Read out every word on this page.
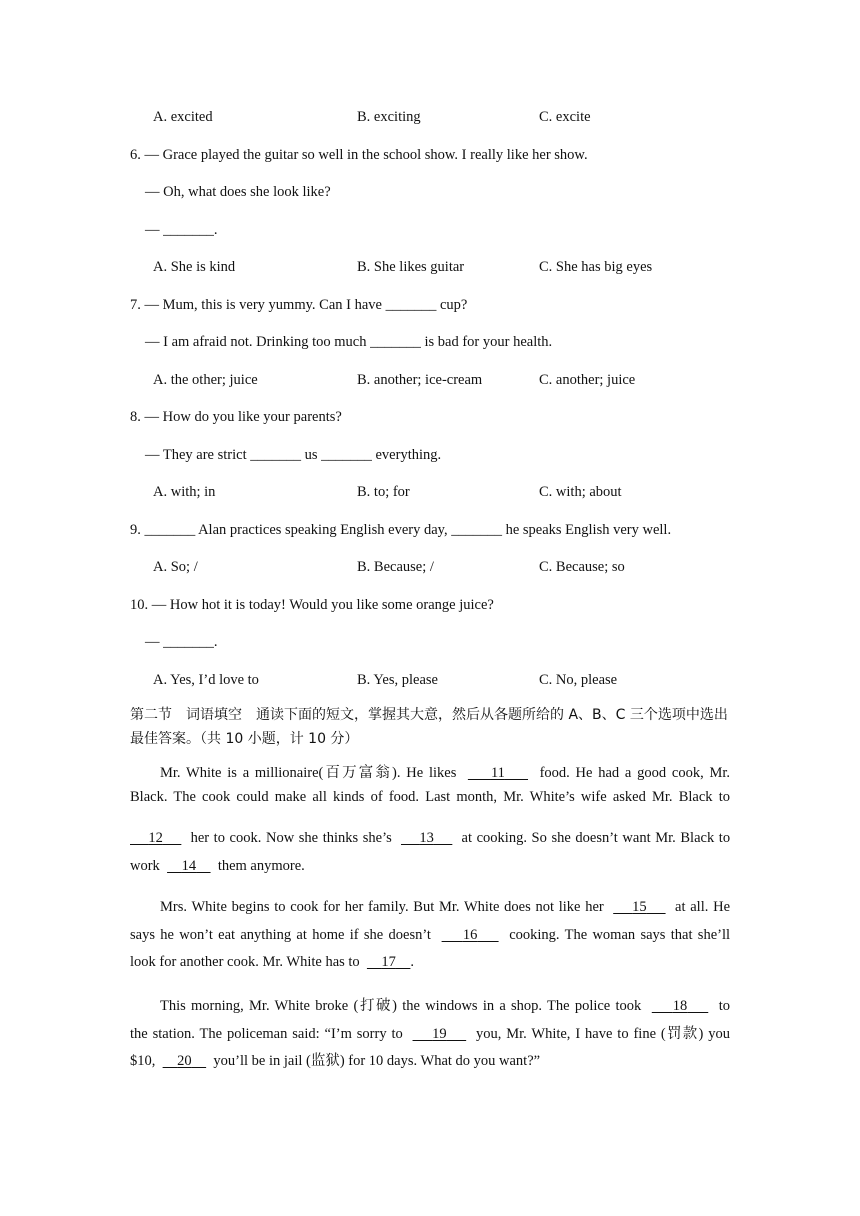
A. excited	B. exciting	C. excite
6. — Grace played the guitar so well in the school show. I really like her show.
— Oh, what does she look like?
— _______.
A. She is kind	B. She likes guitar	C. She has big eyes
7. — Mum, this is very yummy. Can I have _______ cup?
— I am afraid not. Drinking too much _______ is bad for your health.
A. the other; juice	B. another; ice-cream	C. another; juice
8. — How do you like your parents?
— They are strict _______ us _______ everything.
A. with; in	B. to; for	C. with; about
9. _______ Alan practices speaking English every day, _______ he speaks English very well.
A. So; /	B. Because; /	C. Because; so
10. — How hot it is today! Would you like some orange juice?
— _______.
A. Yes, I’d love to	B. Yes, please	C. No, please
第二节　词语填空　通读下面的短文，掌握其大意，然后从各题所给的 A、B、C 三个选项中选出最佳答案。（共 10 小题，计 10 分）
Mr. White is a millionaire(百万富翁). He likes 11 food. He had a good cook, Mr.
Black. The cook could make all kinds of food. Last month, Mr. White’s wife asked Mr. Black to
12 her to cook. Now she thinks she’s 13 at cooking. So she doesn’t want Mr. Black to
work 14 them anymore.
Mrs. White begins to cook for her family. But Mr. White does not like her 15 at all. He
says he won’t eat anything at home if she doesn’t 16 cooking. The woman says that she’ll
look for another cook. Mr. White has to 17 .
This morning, Mr. White broke (打破) the windows in a shop. The police took 18 to
the station. The policeman said: “I’m sorry to 19 you, Mr. White, I have to fine (罚款) you
$10, 20 you’ll be in jail (监狱) for 10 days. What do you want?”
